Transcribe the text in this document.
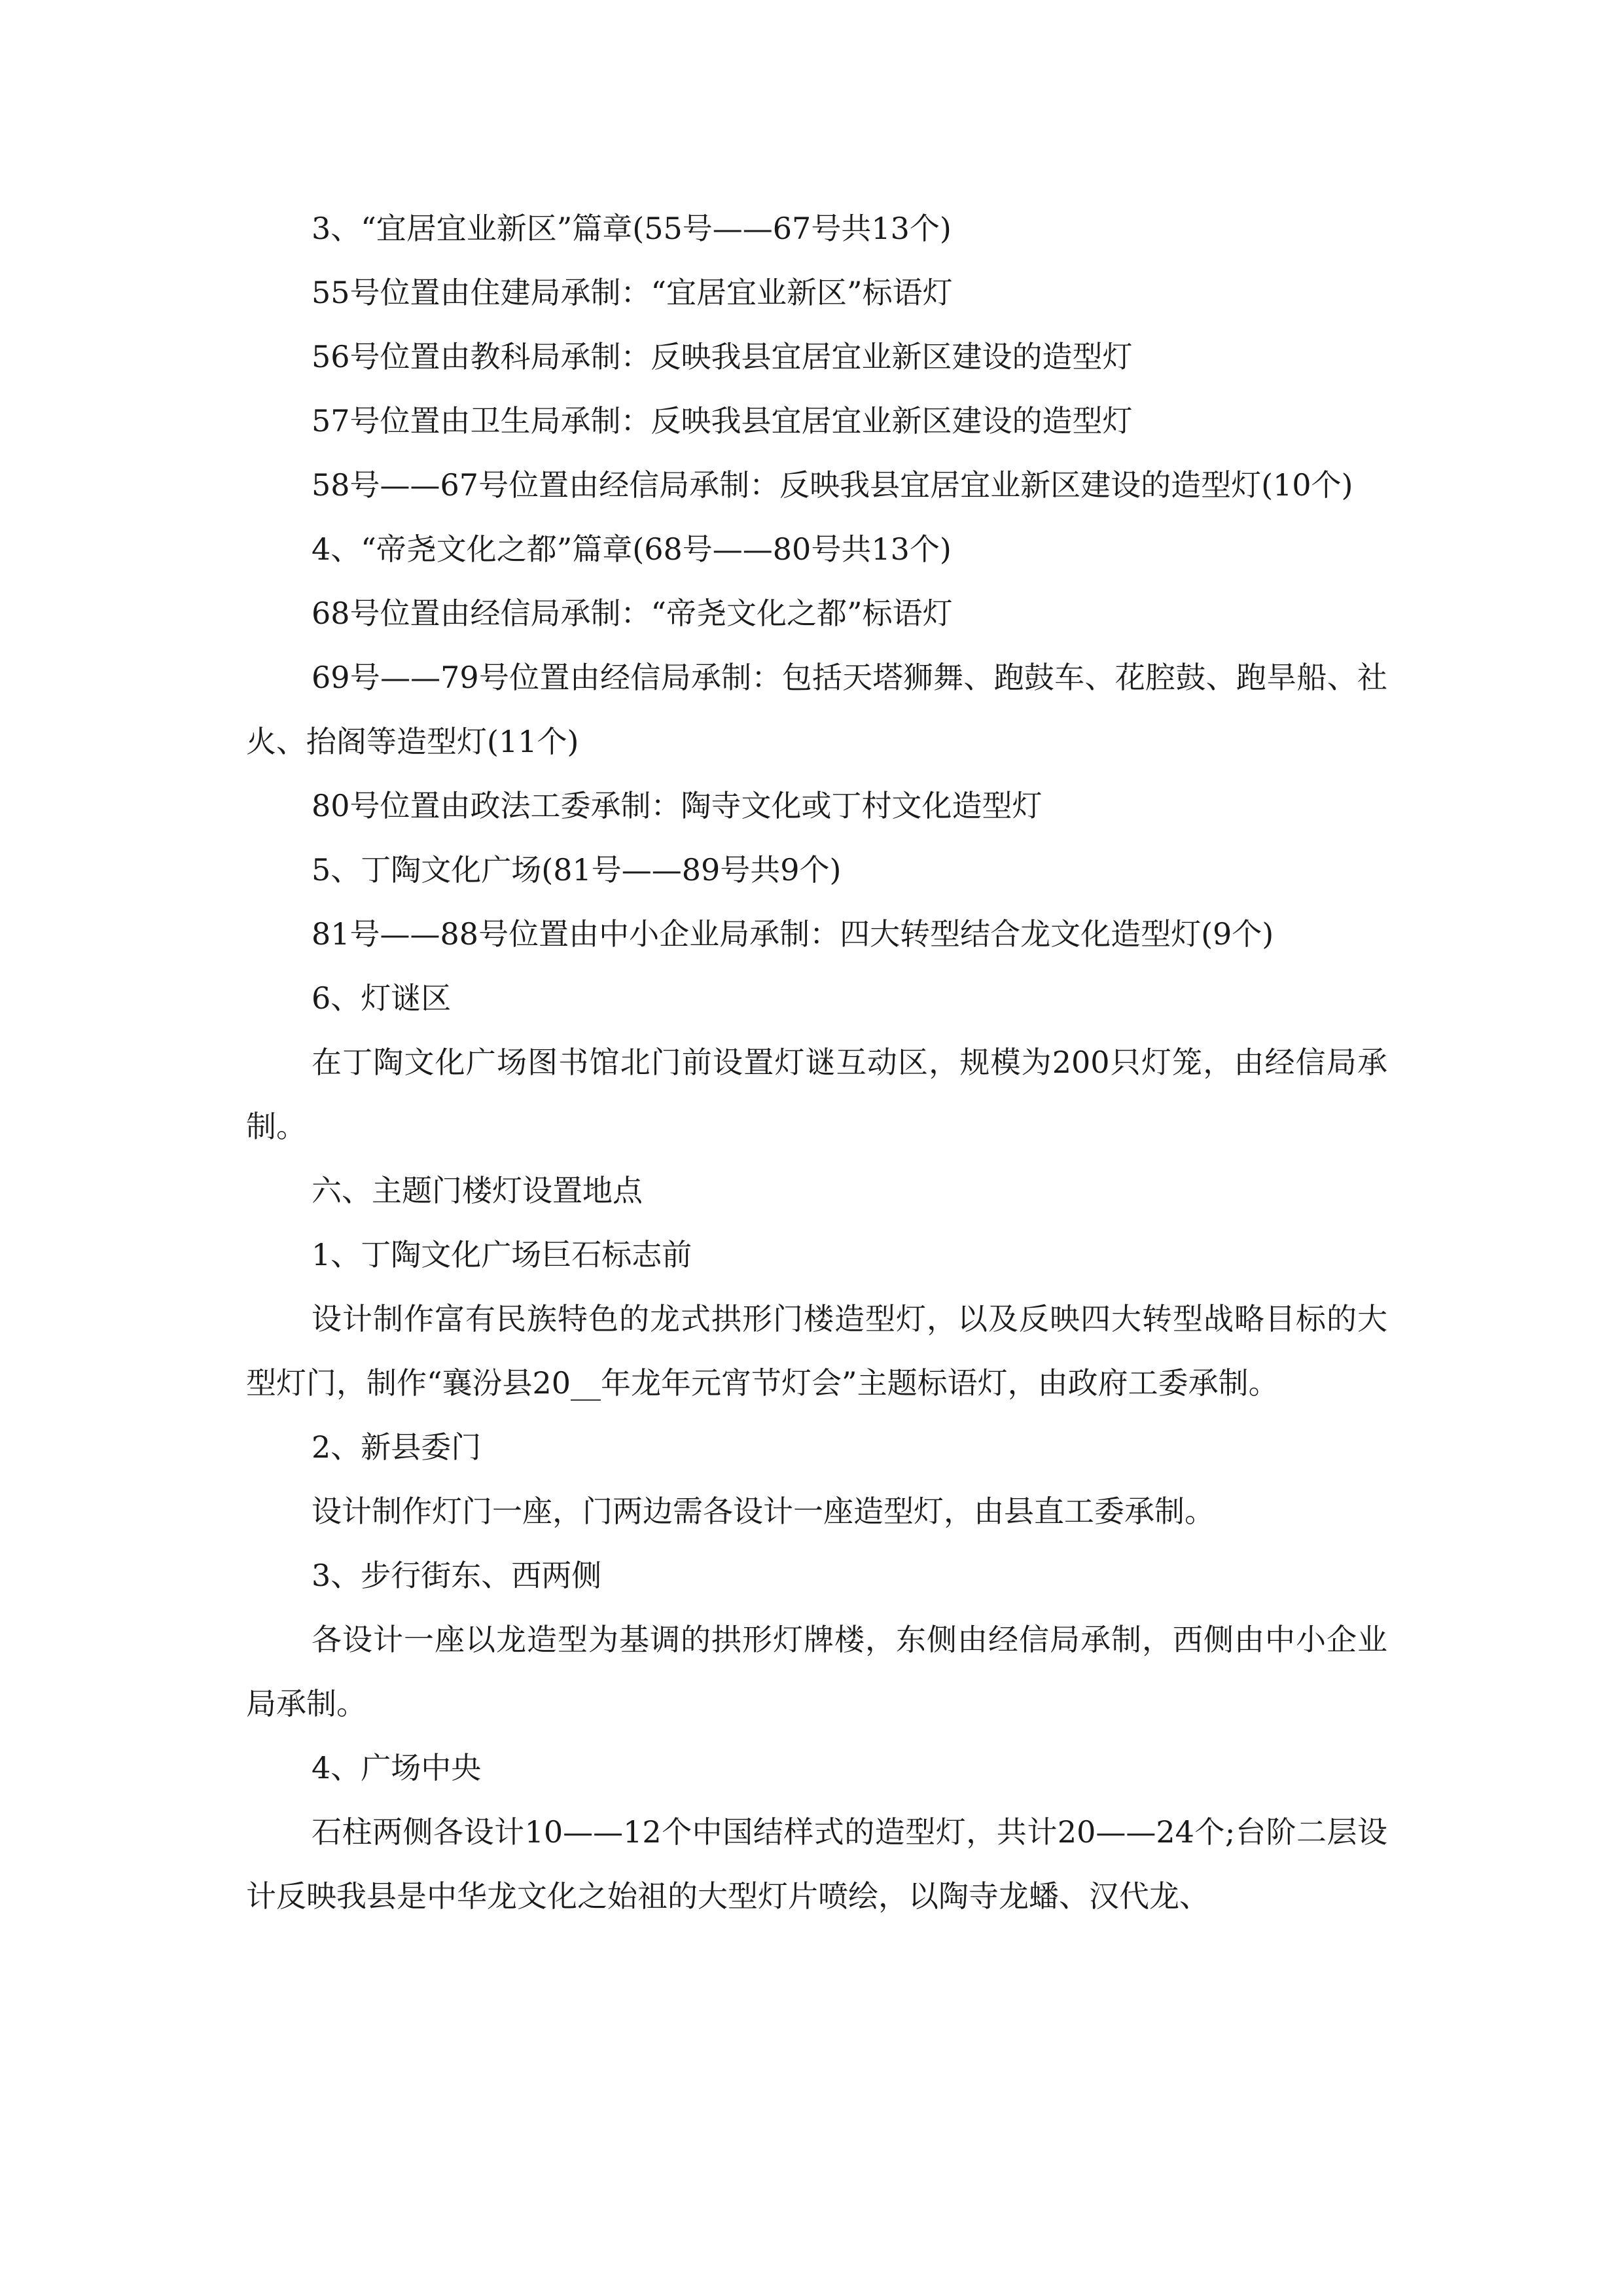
3、“宜居宜业新区”篇章(55号——67号共13个)

55号位置由住建局承制：“宜居宜业新区”标语灯

56号位置由教科局承制：反映我县宜居宜业新区建设的造型灯

57号位置由卫生局承制：反映我县宜居宜业新区建设的造型灯

58号——67号位置由经信局承制：反映我县宜居宜业新区建设的造型灯(10个)

4、“帝尧文化之都”篇章(68号——80号共13个)

68号位置由经信局承制：“帝尧文化之都”标语灯

69号——79号位置由经信局承制：包括天塔狮舞、跑鼓车、花腔鼓、跑旱船、社火、抬阁等造型灯(11个)

80号位置由政法工委承制：陶寺文化或丁村文化造型灯

5、丁陶文化广场(81号——89号共9个)

81号——88号位置由中小企业局承制：四大转型结合龙文化造型灯(9个)

6、灯谜区

在丁陶文化广场图书馆北门前设置灯谜互动区，规模为200只灯笼，由经信局承制。

六、主题门楼灯设置地点

1、丁陶文化广场巨石标志前

设计制作富有民族特色的龙式拱形门楼造型灯，以及反映四大转型战略目标的大型灯门，制作“襄汾县20__年龙年元宵节灯会”主题标语灯，由政府工委承制。

2、新县委门

设计制作灯门一座，门两边需各设计一座造型灯，由县直工委承制。

3、步行街东、西两侧

各设计一座以龙造型为基调的拱形灯牌楼，东侧由经信局承制，西侧由中小企业局承制。

4、广场中央

石柱两侧各设计10——12个中国结样式的造型灯，共计20——24个;台阶二层设计反映我县是中华龙文化之始祖的大型灯片喷绘，以陶寺龙蟠、汉代龙、
